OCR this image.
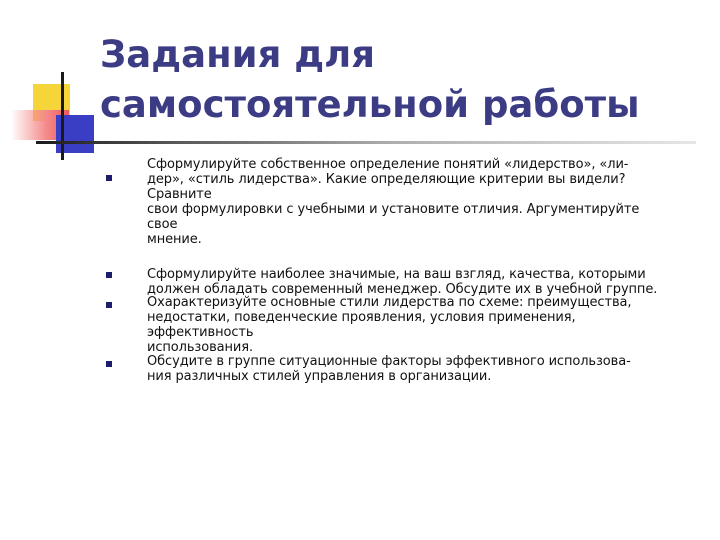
Задания для
самостоятельной работы
Сформулируйте собственное определение понятий «лидерство», «ли-
дер», «стиль лидерства». Какие определяющие критерии вы видели?
Сравните
свои формулировки с учебными и установите отличия. Аргументируйте
свое
мнение.
Сформулируйте наиболее значимые, на ваш взгляд, качества, которыми
должен обладать современный менеджер. Обсудите их в учебной группе.
Охарактеризуйте основные стили лидерства по схеме: преимущества,
недостатки, поведенческие проявления, условия применения,
эффективность
использования.
Обсудите в группе ситуационные факторы эффективного использова-
ния различных стилей управления в организации.
